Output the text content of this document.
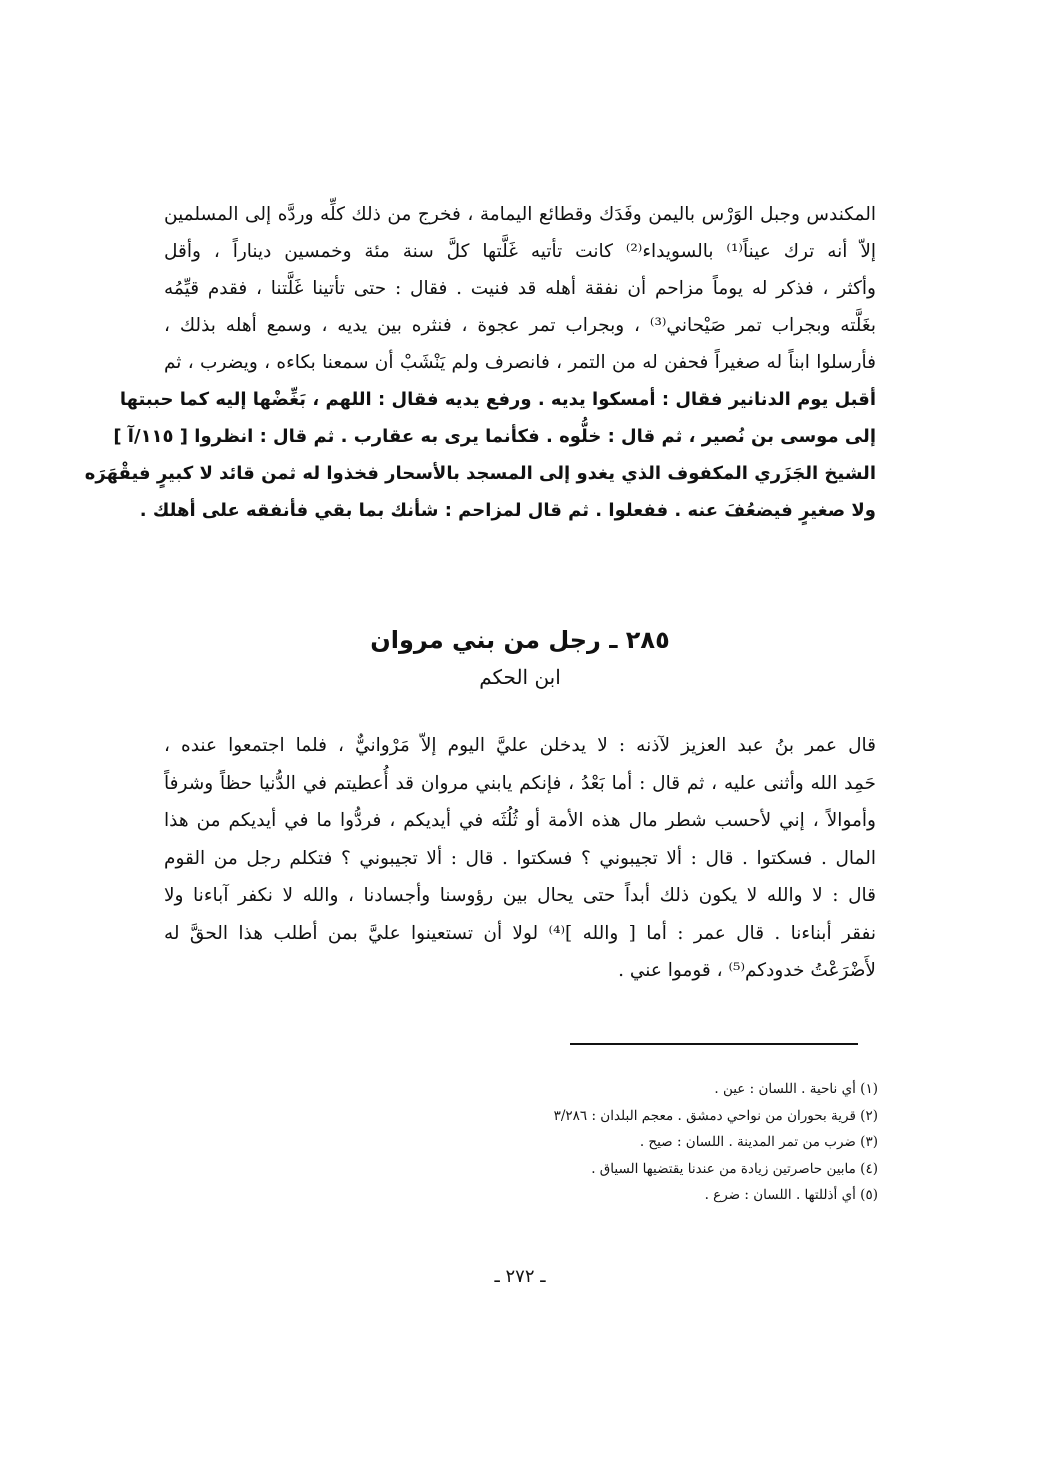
المكندس وجبل الوَرْس باليمن وفَدَك وقطائع اليمامة ، فخرج من ذلك كلِّه وردَّه إلى المسلمين
إلاّ أنه ترك عيناً⁽¹⁾ بالسويداء⁽²⁾ كانت تأتيه غَلَّتها كلَّ سنة مئة وخمسين ديناراً ، وأقل
وأكثر ، فذكر له يوماً مزاحم أن نفقة أهله قد فنيت . فقال : حتى تأتينا غَلَّتنا ، فقدم قيِّمُه
بغَلَّته وبجراب تمر صَيْحاني⁽³⁾ ، وبجراب تمر عجوة ، فنثره بين يديه ، وسمع أهله بذلك ،
فأرسلوا ابناً له صغيراً فحفن له من التمر ، فانصرف ولم يَنْشَبْ أن سمعنا بكاءه ، ويضرب ، ثم
أقبل يوم الدنانير فقال : أمسكوا يديه . ورفع يديه فقال : اللهم ، بَغِّضْها إليه كما حببتها
إلى موسى بن نُصير ، ثم قال : خلُّوه . فكأنما يرى به عقارب . ثم قال : انظروا [ ١١٥/آ ]
الشيخ الجَزَري المكفوف الذي يغدو إلى المسجد بالأسحار فخذوا له ثمن قائد لا كبيرٍ فيقْهَرَه
ولا صغيرٍ فيضعُفَ عنه . ففعلوا . ثم قال لمزاحم : شأنك بما بقي فأنفقه على أهلك .
٢٨٥ ـ رجل من بني مروان
ابن الحكم
قال عمر بنُ عبد العزيز لآذنه : لا يدخلن عليَّ اليوم إلاّ مَرْوانيٌّ ، فلما اجتمعوا عنده ،
حَمِد الله وأثنى عليه ، ثم قال : أما بَعْدُ ، فإنكم يابني مروان قد أُعطيتم في الدُّنيا حظاً وشرفاً
وأموالاً ، إني لأحسب شطر مال هذه الأمة أو ثُلُثَه في أيديكم ، فردُّوا ما في أيديكم من هذا
المال . فسكتوا . قال : ألا تجيبوني ؟ فسكتوا . قال : ألا تجيبوني ؟ فتكلم رجل من القوم
قال : لا والله لا يكون ذلك أبداً حتى يحال بين رؤوسنا وأجسادنا ، والله لا نكفر آباءنا ولا
نفقر أبناءنا . قال عمر : أما [ والله ]⁽⁴⁾ لولا أن تستعينوا عليَّ بمن أطلب هذا الحقَّ له
لأَضْرَعْتُ خدودكم⁽⁵⁾ ، قوموا عني .
(١) أي ناحية . اللسان : عين .
(٢) قرية بحوران من نواحي دمشق . معجم البلدان : ٣/٢٨٦
(٣) ضرب من تمر المدينة . اللسان : صيح .
(٤) مابين حاصرتين زيادة من عندنا يقتضيها السياق .
(٥) أي أذللتها . اللسان : ضرع .
ـ ٢٧٢ ـ
